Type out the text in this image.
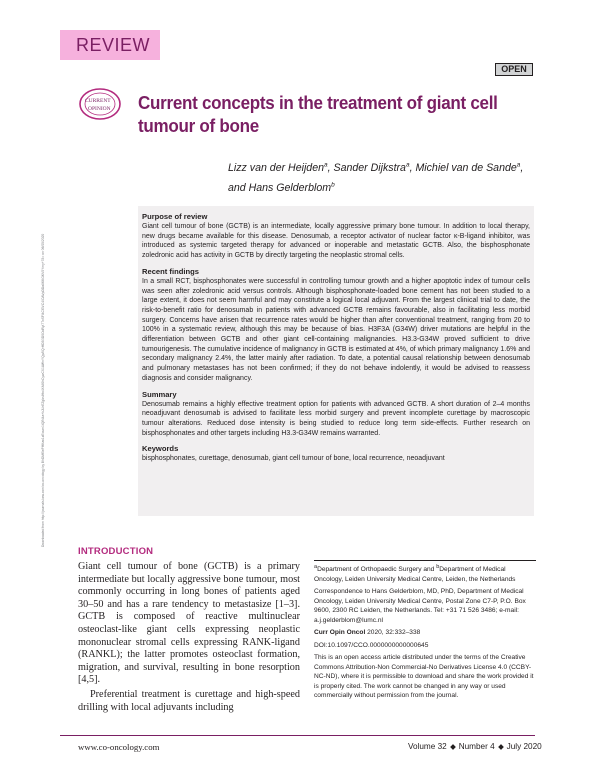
REVIEW
OPEN
CURRENT
OPINION Current concepts in the treatment of giant cell tumour of bone
Lizz van der Heijden$^a$, Sander Dijkstra$^a$, Michiel van de Sande$^a$,
and Hans Gelderblom$^b$
Purpose of review
Giant cell tumour of bone (GCTB) is an intermediate, locally aggressive primary bone tumour. In addition to local therapy, new drugs became available for this disease. Denosumab, a receptor activator of nuclear factor κ-B-ligand inhibitor, was introduced as systemic targeted therapy for advanced or inoperable and metastatic GCTB. Also, the bisphosphonate zoledronic acid has activity in GCTB by directly targeting the neoplastic stromal cells.
Recent findings
In a small RCT, bisphosphonates were successful in controlling tumour growth and a higher apoptotic index of tumour cells was seen after zoledronic acid versus controls. Although bisphosphonate-loaded bone cement has not been studied to a large extent, it does not seem harmful and may constitute a logical local adjuvant. From the largest clinical trial to date, the risk-to-benefit ratio for denosumab in patients with advanced GCTB remains favourable, also in facilitating less morbid surgery. Concerns have arisen that recurrence rates would be higher than after conventional treatment, ranging from 20 to 100% in a systematic review, although this may be because of bias. H3F3A (G34W) driver mutations are helpful in the differentiation between GCTB and other giant cell-containing malignancies. H3.3-G34W proved sufficient to drive tumourigenesis. The cumulative incidence of malignancy in GCTB is estimated at 4%, of which primary malignancy 1.6% and secondary malignancy 2.4%, the latter mainly after radiation. To date, a potential causal relationship between denosumab and pulmonary metastases has not been confirmed; if they do not behave indolently, it would be advised to reassess diagnosis and consider malignancy.
Summary
Denosumab remains a highly effective treatment option for patients with advanced GCTB. A short duration of 2–4 months neoadjuvant denosumab is advised to facilitate less morbid surgery and prevent incomplete curettage by macroscopic tumour alterations. Reduced dose intensity is being studied to reduce long term side-effects. Further research on bisphosphonates and other targets including H3.3-G34W remains warranted.
Keywords
bisphosphonates, curettage, denosumab, giant cell tumour of bone, local recurrence, neoadjuvant
Downloaded from http://journals.lww.com/co-oncology by BhDMf5ePHKav1zEoum1tQfN4a+kJLhEZgbsIHo4XMi0hCywCX1AWnYQp/IlQrHD3i3D0OdRyi7TvSFl4Cf3VC4/OAVpDDa8KKGKV0Ymy+78= on 06/05/2020
INTRODUCTION

Giant cell tumour of bone (GCTB) is a primary intermediate but locally aggressive bone tumour, most commonly occurring in long bones of patients aged 30–50 and has a rare tendency to metastasize [1–3]. GCTB is composed of reactive multinuclear osteoclast-like giant cells expressing neoplastic mononuclear stromal cells expressing RANK-ligand (RANKL); the latter promotes osteoclast formation, migration, and survival, resulting in bone resorption [4,5].

Preferential treatment is curettage and high-speed drilling with local adjuvants including

$^a$Department of Orthopaedic Surgery and $^b$Department of Medical Oncology, Leiden University Medical Centre, Leiden, the Netherlands

Correspondence to Hans Gelderblom, MD, PhD, Department of Medical Oncology, Leiden University Medical Centre, Postal Zone C7-P, P.O. Box 9600, 2300 RC Leiden, the Netherlands. Tel: +31 71 526 3486; e-mail: a.j.gelderblom@lumc.nl

Curr Opin Oncol 2020, 32:332–338

DOI:10.1097/CCO.0000000000000645

This is an open access article distributed under the terms of the Creative Commons Attribution-Non Commercial-No Derivatives License 4.0 (CCBY-NC-ND), where it is permissible to download and share the work provided it is properly cited. The work cannot be changed in any way or used commercially without permission from the journal.

www.co-oncology.com	Volume 32 Number 4 July 2020
